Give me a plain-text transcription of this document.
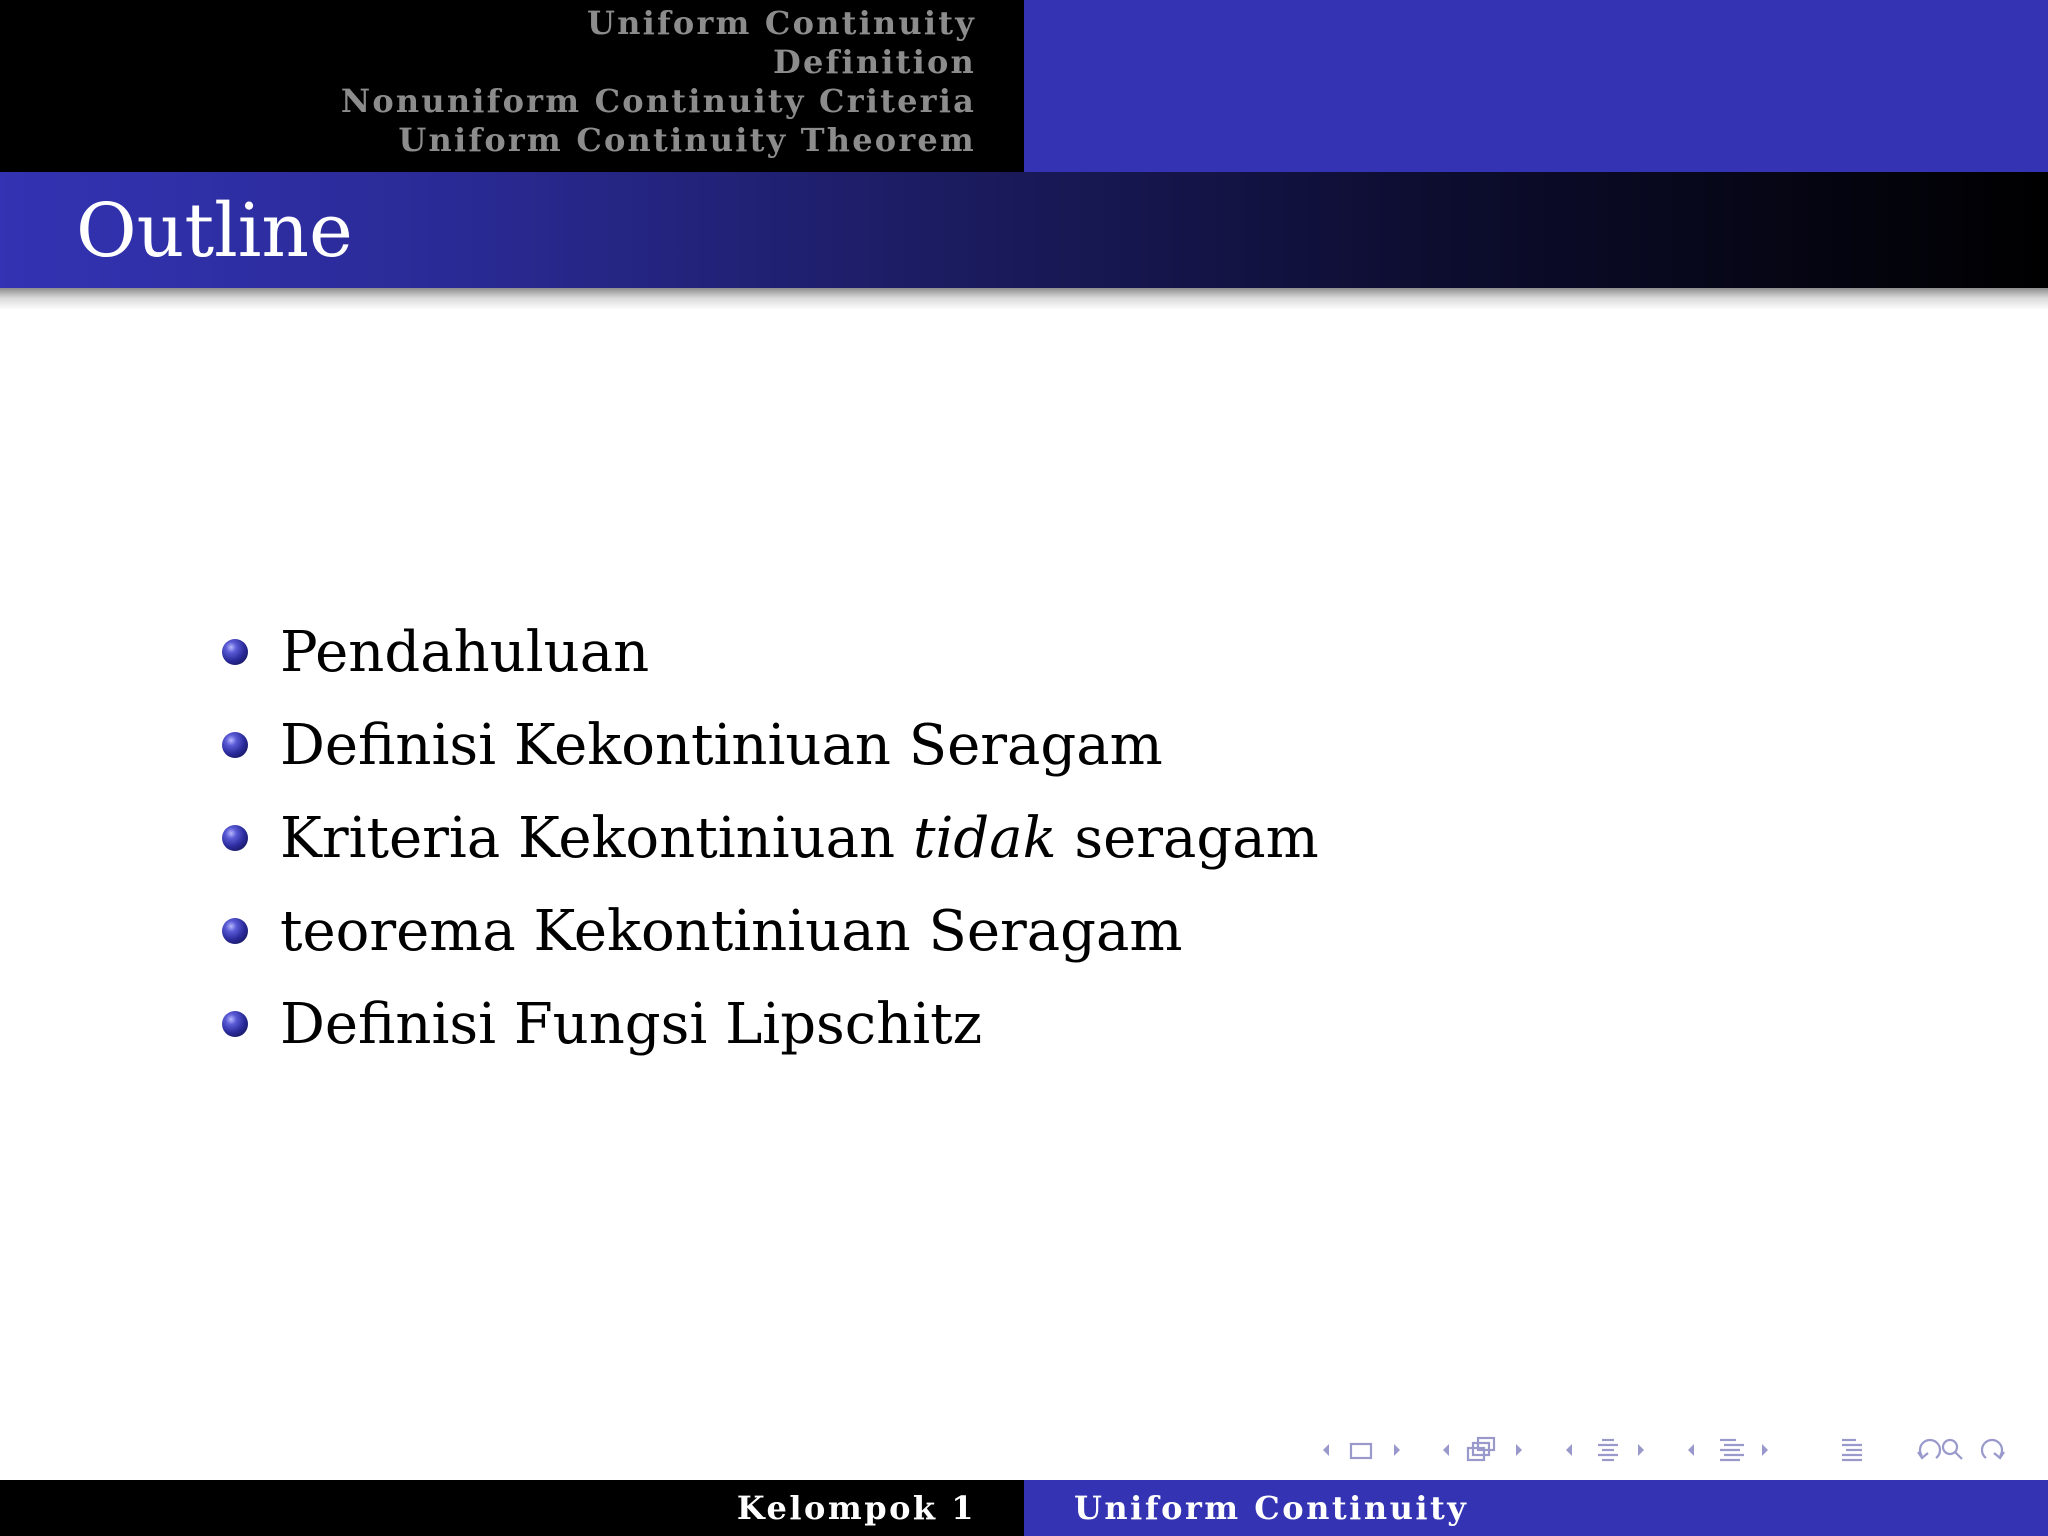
Uniform Continuity
Definition
Nonuniform Continuity Criteria
Uniform Continuity Theorem
Outline
Pendahuluan
Definisi Kekontiniuan Seragam
Kriteria Kekontiniuan tidak seragam
teorema Kekontiniuan Seragam
Definisi Fungsi Lipschitz
Kelompok 1	Uniform Continuity
